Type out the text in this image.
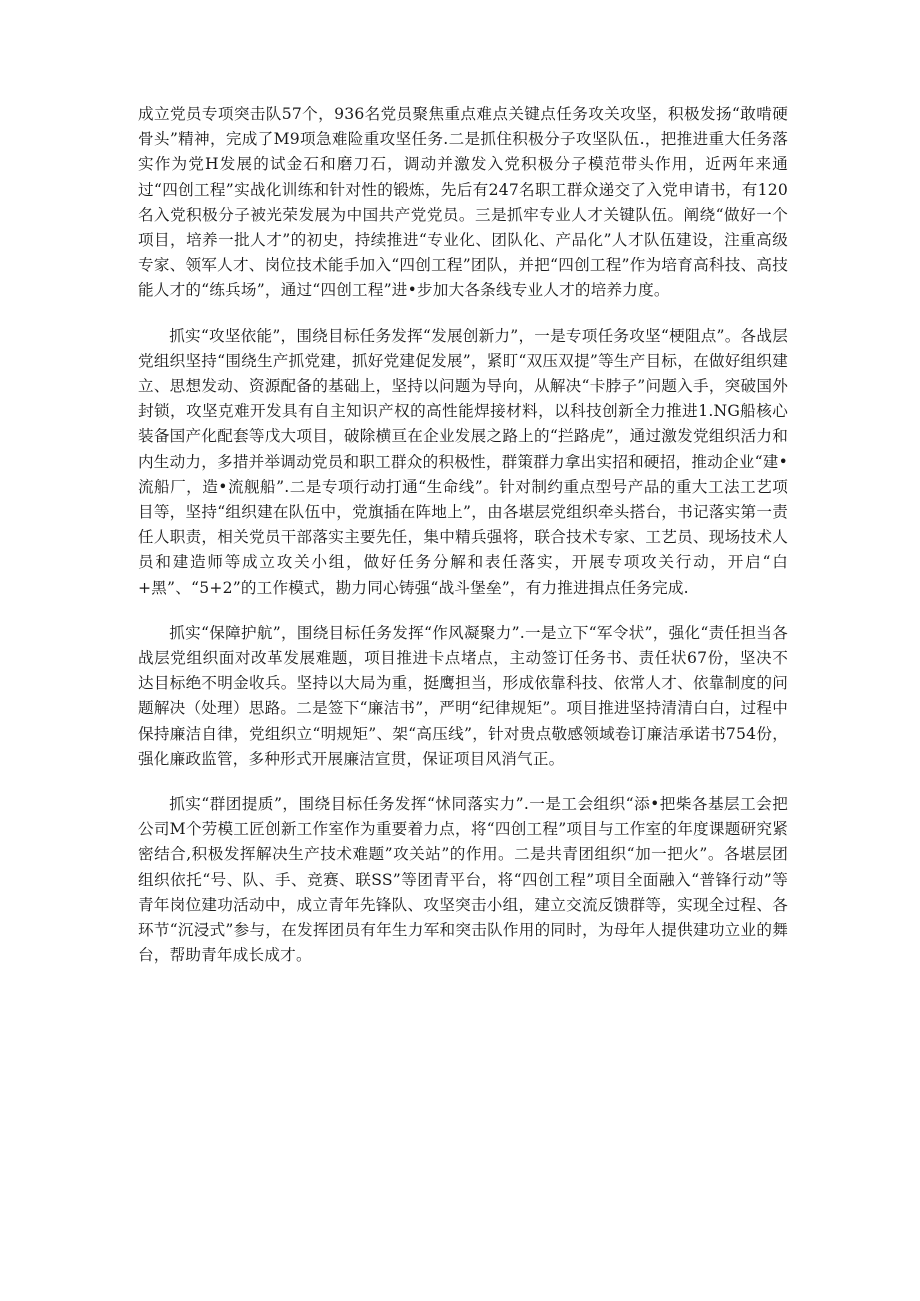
成立党员专项突击队57个，936名党员聚焦重点难点关键点任务攻关攻坚，积极发扬“敢啃硬骨头”精神，完成了M9项急难险重攻坚任务.二是抓住积极分子攻坚队伍.，把推进重大任务落实作为党H发展的试金石和磨刀石，调动并激发入党积极分子模范带头作用，近两年来通过“四创工程”实战化训练和针对性的锻炼，先后有247名职工群众递交了入党申请书，有120名入党积极分子被光荣发展为中国共产党党员。三是抓牢专业人才关键队伍。阐绕“做好一个项目，培养一批人才”的初史，持续推进“专业化、团队化、产品化”人才队伍建设，注重高级专家、领军人才、岗位技术能手加入“四创工程”团队，并把“四创工程”作为培育高科技、高技能人才的“练兵场”，通过“四创工程”进•步加大各条线专业人才的培养力度。

抓实“攻坚依能”，围绕目标任务发挥“发展创新力”，一是专项任务攻坚“梗阻点”。各战层党组织坚持“围绕生产抓党建，抓好党建促发展”，紧盯“双压双提”等生产目标，在做好组织建立、思想发动、资源配备的基础上，坚持以问题为导向，从解决“卡脖子”问题入手，突破国外封锁，攻坚克难开发具有自主知识产权的高性能焊接材料，以科技创新全力推进1.NG船核心装备国产化配套等戊大项目，破除横亘在企业发展之路上的“拦路虎”，通过激发党组织活力和内生动力，多措并举调动党员和职工群众的积极性，群策群力拿出实招和硬招，推动企业“建•流船厂，造•流舰船”.二是专项行动打通“生命线”。针对制约重点型号产品的重大工法工艺项目等，坚持“组织建在队伍中，党旗插在阵地上”，由各堪层党组织牵头搭台，书记落实第一责任人职责，相关党员干部落实主要先任，集中精兵强将，联合技术专家、工艺员、现场技术人员和建造师等成立攻关小组，做好任务分解和表任落实，开展专项攻关行动，开启“白+黑”、“5+2”的工作模式，勘力同心铸强“战斗堡垒”，有力推进揖点任务完成.

抓实“保障护航”，围绕目标任务发挥“作风凝聚力”.一是立下“军令状”，强化“责任担当各战层党组织面对改革发展难题，项目推进卡点堵点，主动签订任务书、责任状67份，坚决不达目标绝不明金收兵。坚持以大局为重，挺鹰担当，形成依靠科技、依常人才、依靠制度的问题解决（处理）思路。二是签下“廉洁书”，严明“纪律规矩”。项目推进坚持清清白白，过程中保持廉洁自律，党组织立“明规矩”、架“高压线”，针对贵点敬感领域卷订廉洁承诺书754份，强化廉政监管，多种形式开展廉洁宣贯，保证项目风消气正。

抓实“群团提质”，围绕目标任务发挥“怵同落实力”.一是工会组织“添•把柴各基层工会把公司M个劳模工匠创新工作室作为重要着力点，将“四创工程”项目与工作室的年度课题研究紧密结合,积极发挥解决生产技术难题”攻关站”的作用。二是共青团组织“加一把火”。各堪层团组织依托“号、队、手、竞赛、联SS”等团青平台，将“四创工程”项目全面融入“普锋行动”等青年岗位建功活动中，成立青年先锋队、攻坚突击小组，建立交流反馈群等，实现全过程、各环节“沉浸式”参与，在发挥团员有年生力军和突击队作用的同时，为母年人提供建功立业的舞台，帮助青年成长成才。
